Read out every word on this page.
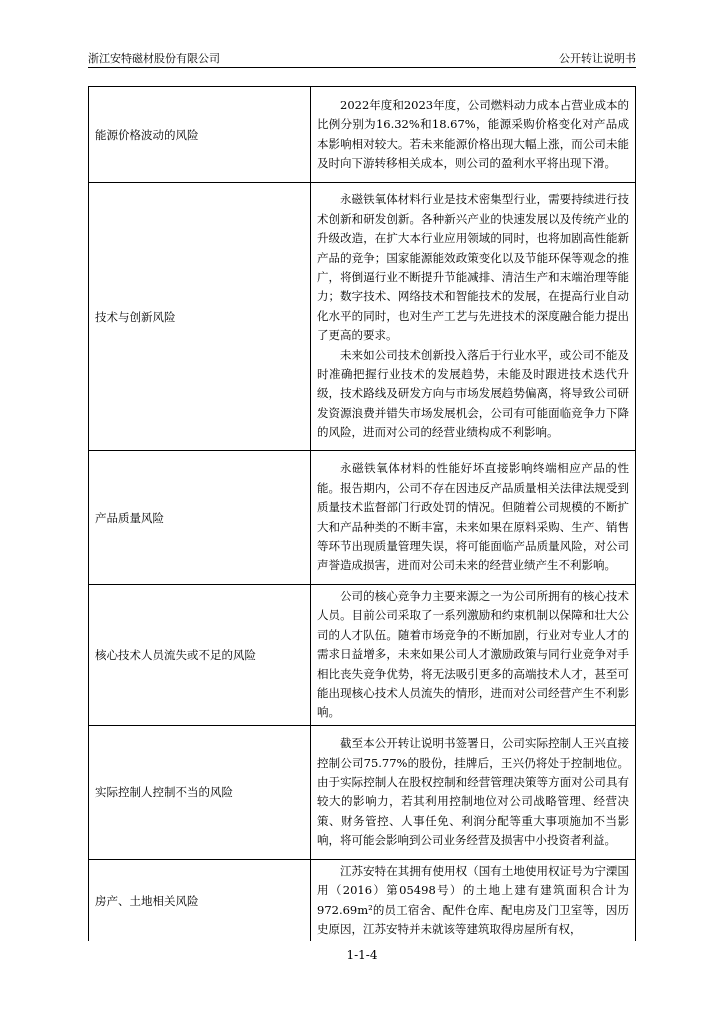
浙江安特磁材股份有限公司	公开转让说明书
能源价格波动的风险	2022年度和2023年度，公司燃料动力成本占营业成本的比例分别为16.32%和18.67%，能源采购价格变化对产品成本影响相对较大。若未来能源价格出现大幅上涨，而公司未能及时向下游转移相关成本，则公司的盈利水平将出现下滑。

技术与创新风险	永磁铁氧体材料行业是技术密集型行业，需要持续进行技术创新和研发创新。各种新兴产业的快速发展以及传统产业的升级改造，在扩大本行业应用领域的同时，也将加剧高性能新产品的竞争；国家能源能效政策变化以及节能环保等观念的推广，将倒逼行业不断提升节能减排、清洁生产和末端治理等能力；数字技术、网络技术和智能技术的发展，在提高行业自动化水平的同时，也对生产工艺与先进技术的深度融合能力提出了更高的要求。

未来如公司技术创新投入落后于行业水平，或公司不能及时准确把握行业技术的发展趋势，未能及时跟进技术迭代升级，技术路线及研发方向与市场发展趋势偏离，将导致公司研发资源浪费并错失市场发展机会，公司有可能面临竞争力下降的风险，进而对公司的经营业绩构成不利影响。

产品质量风险	永磁铁氧体材料的性能好坏直接影响终端相应产品的性能。报告期内，公司不存在因违反产品质量相关法律法规受到质量技术监督部门行政处罚的情况。但随着公司规模的不断扩大和产品种类的不断丰富，未来如果在原料采购、生产、销售等环节出现质量管理失误，将可能面临产品质量风险，对公司声誉造成损害，进而对公司未来的经营业绩产生不利影响。

核心技术人员流失或不足的风险	公司的核心竞争力主要来源之一为公司所拥有的核心技术人员。目前公司采取了一系列激励和约束机制以保障和壮大公司的人才队伍。随着市场竞争的不断加剧，行业对专业人才的需求日益增多，未来如果公司人才激励政策与同行业竞争对手相比丧失竞争优势，将无法吸引更多的高端技术人才，甚至可能出现核心技术人员流失的情形，进而对公司经营产生不利影响。

实际控制人控制不当的风险	截至本公开转让说明书签署日，公司实际控制人王兴直接控制公司75.77%的股份，挂牌后，王兴仍将处于控制地位。由于实际控制人在股权控制和经营管理决策等方面对公司具有较大的影响力，若其利用控制地位对公司战略管理、经营决策、财务管控、人事任免、利润分配等重大事项施加不当影响，将可能会影响到公司业务经营及损害中小投资者利益。

房产、土地相关风险	江苏安特在其拥有使用权（国有土地使用权证号为宁溧国用（2016）第05498号）的土地上建有建筑面积合计为972.69m²的员工宿舍、配件仓库、配电房及门卫室等，因历史原因，江苏安特并未就该等建筑取得房屋所有权，

1-1-4
